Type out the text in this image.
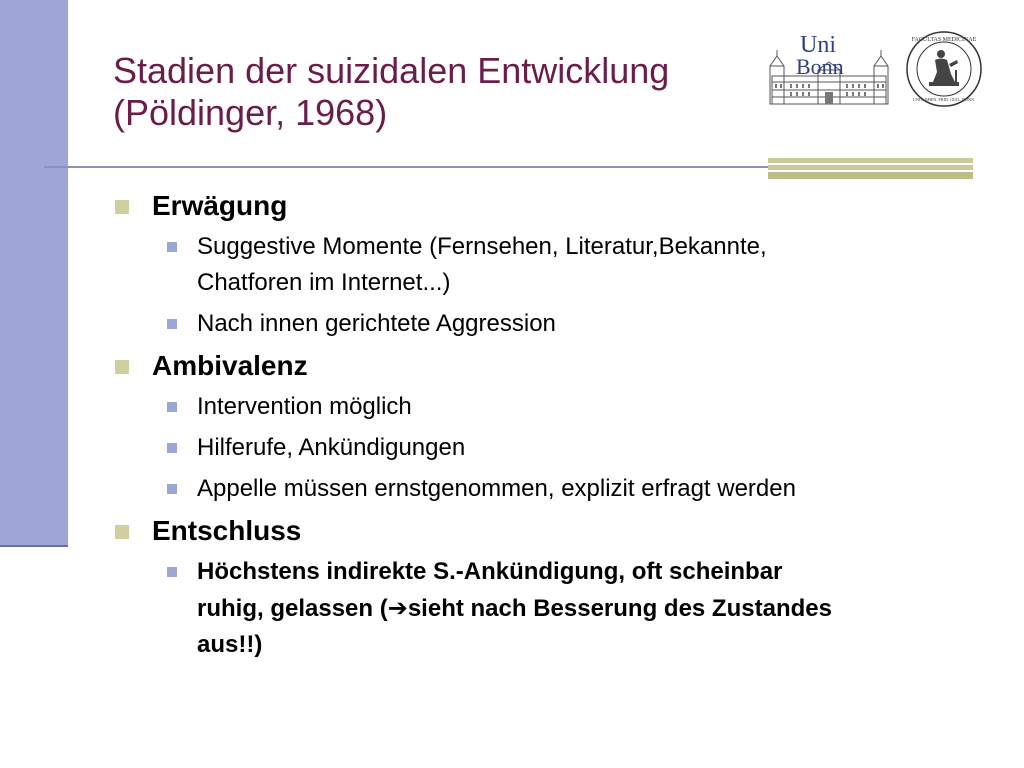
Stadien der suizidalen Entwicklung
(Pöldinger, 1968)
Uni
Bonn
FACULTAS MEDICINAE
UNIV. RHEN. FRID. GUIL. BONN.
Erwägung
Suggestive Momente (Fernsehen, Literatur,Bekannte,
Chatforen im Internet...)
Nach innen gerichtete Aggression
Ambivalenz
Intervention möglich
Hilferufe, Ankündigungen
Appelle müssen ernstgenommen, explizit erfragt werden
Entschluss
Höchstens indirekte S.-Ankündigung, oft scheinbar
ruhig, gelassen (➔sieht nach Besserung des Zustandes
aus!!)
